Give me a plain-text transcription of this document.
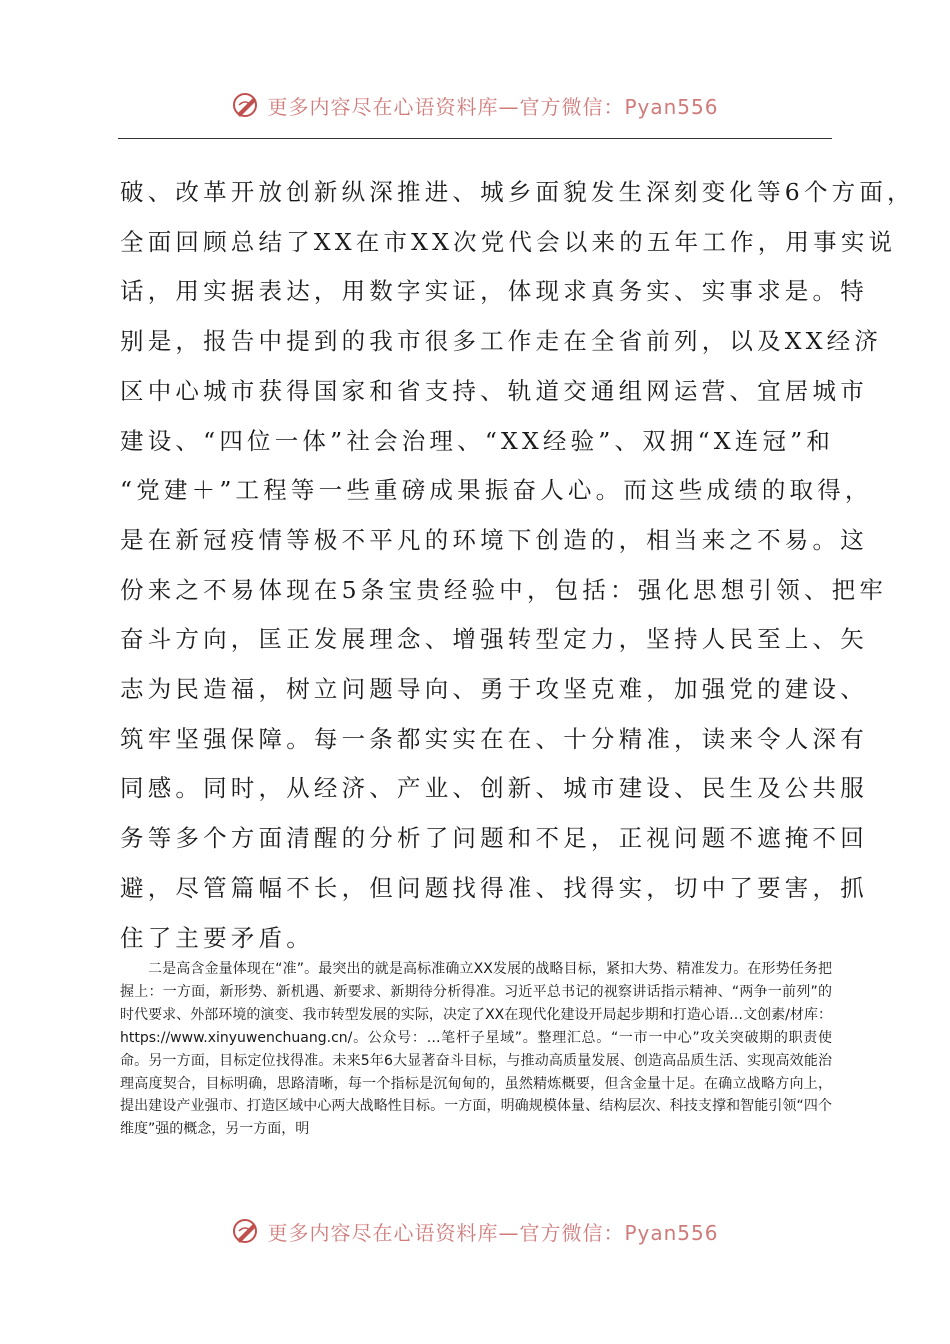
更多内容尽在心语资料库—官方微信：Pyan556
破、改革开放创新纵深推进、城乡面貌发生深刻变化等6个方面，
全面回顾总结了XX在市XX次党代会以来的五年工作，用事实说
话，用实据表达，用数字实证，体现求真务实、实事求是。特
别是，报告中提到的我市很多工作走在全省前列，以及XX经济
区中心城市获得国家和省支持、轨道交通组网运营、宜居城市
建设、“四位一体”社会治理、“XX经验”、双拥“X连冠”和
“党建＋”工程等一些重磅成果振奋人心。而这些成绩的取得，
是在新冠疫情等极不平凡的环境下创造的，相当来之不易。这
份来之不易体现在5条宝贵经验中，包括：强化思想引领、把牢
奋斗方向，匡正发展理念、增强转型定力，坚持人民至上、矢
志为民造福，树立问题导向、勇于攻坚克难，加强党的建设、
筑牢坚强保障。每一条都实实在在、十分精准，读来令人深有
同感。同时，从经济、产业、创新、城市建设、民生及公共服
务等多个方面清醒的分析了问题和不足，正视问题不遮掩不回
避，尽管篇幅不长，但问题找得准、找得实，切中了要害，抓
住了主要矛盾。

二是高含金量体现在“准”。最突出的就是高标准确立XX发展的战略目标，紧扣大势、精准发力。在形势任务把握上：一方面，新形势、新机遇、新要求、新期待分析得准。习近平总书记的视察讲话指示精神、“两争一前列”的时代要求、外部环境的演变、我市转型发展的实际，决定了XX在现代化建设开局起步期和打造心语…文创素/材库：https://www.xinyuwenchuang.cn/。公众号：…笔杆子星域”。整理汇总。“一市一中心”攻关突破期的职责使命。另一方面，目标定位找得准。未来5年6大显著奋斗目标，与推动高质量发展、创造高品质生活、实现高效能治理高度契合，目标明确，思路清晰，每一个指标是沉甸甸的，虽然精炼概要，但含金量十足。在确立战略方向上，提出建设产业强市、打造区域中心两大战略性目标。一方面，明确规模体量、结构层次、科技支撑和智能引领“四个维度”强的概念，另一方面，明

更多内容尽在心语资料库—官方微信：Pyan556
